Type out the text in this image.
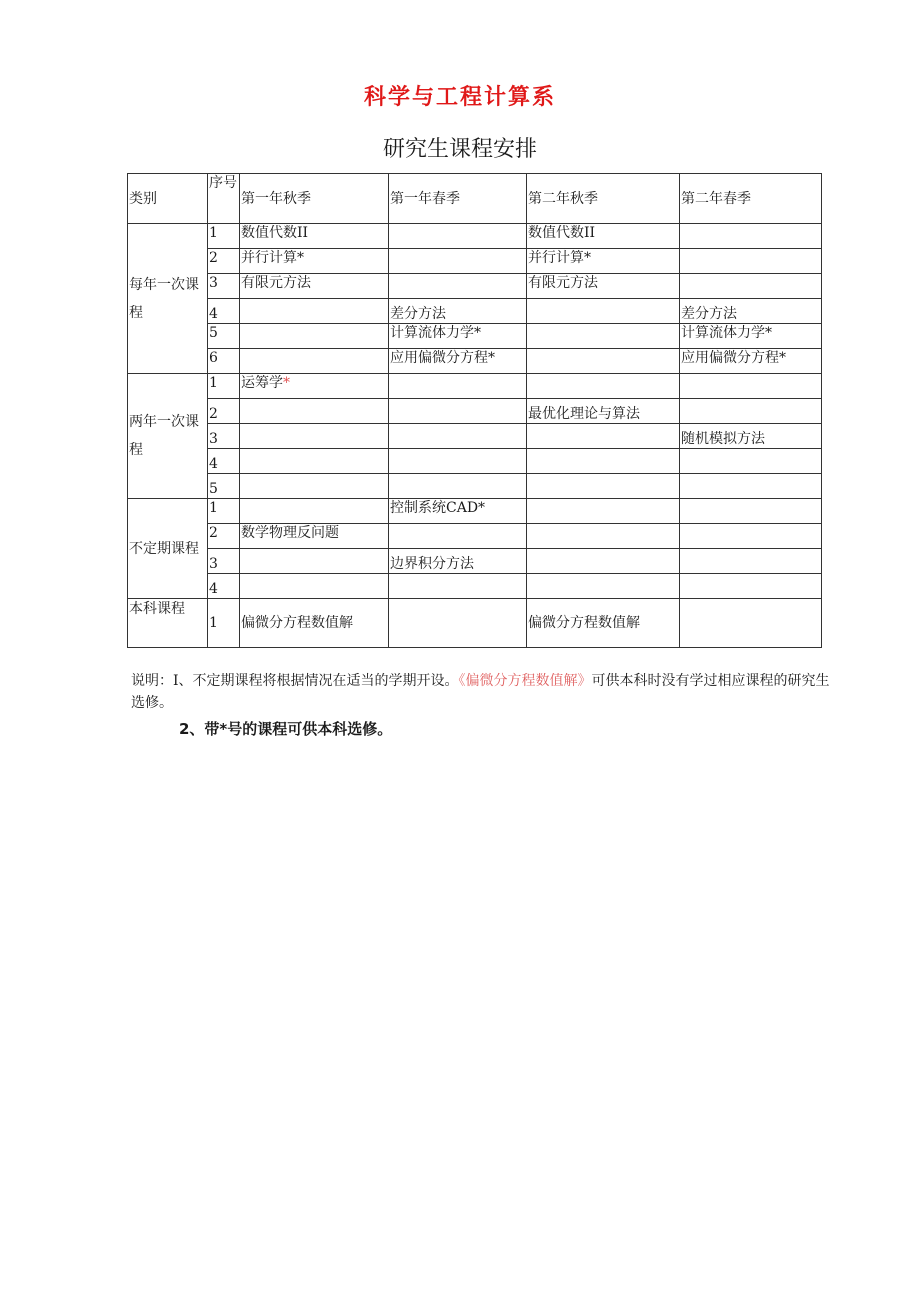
科学与工程计算系
研究生课程安排
类别	序号	第一年秋季	第一年春季	第二年秋季	第二年春季
每年一次课程	1	数值代数II		数值代数II	
	2	并行计算*		并行计算*	
	3	有限元方法		有限元方法	
	4		差分方法		差分方法
	5		计算流体力学*		计算流体力学*
	6		应用偏微分方程*		应用偏微分方程*
两年一次课程	1	运筹学*			
	2			最优化理论与算法	
	3				随机模拟方法
	4				
	5				
不定期课程	1		控制系统CAD*		
	2	数学物理反问题			
	3		边界积分方法		
	4				
本科课程	1	偏微分方程数值解		偏微分方程数值解	
说明：I、不定期课程将根据情况在适当的学期开设。《偏微分方程数值解》可供本科时没有学过相应课程的研究生选修。
2、带*号的课程可供本科选修。
